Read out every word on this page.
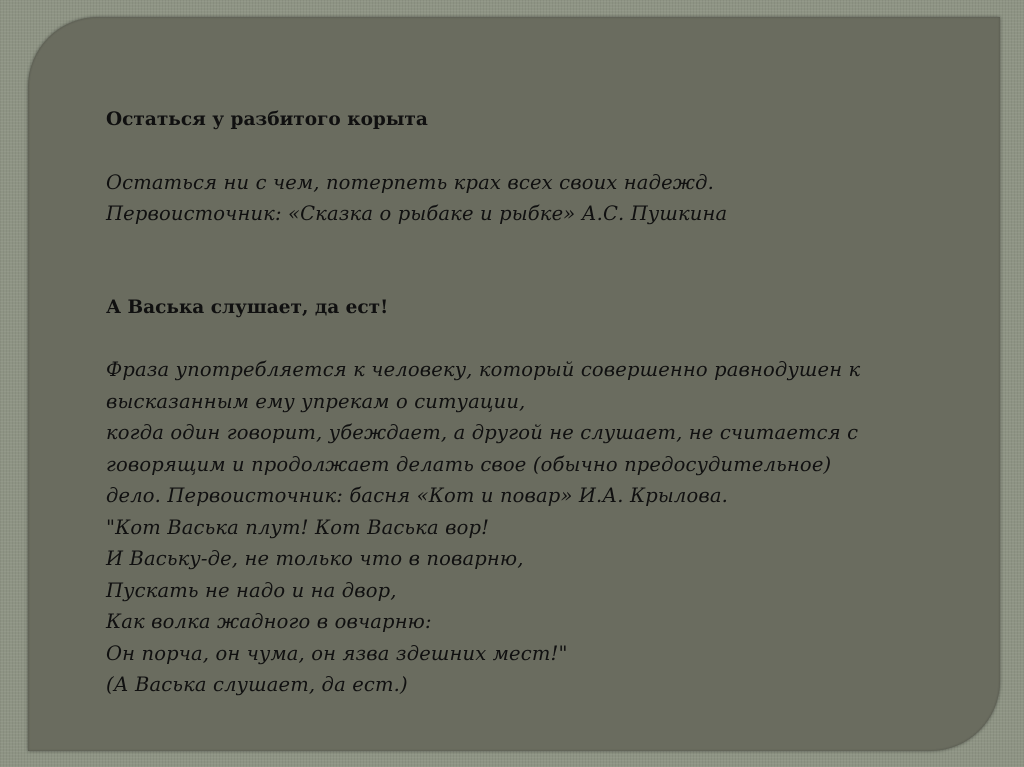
Остаться у разбитого корыта

Остаться ни с чем, потерпеть крах всех своих надежд.

Первоисточник: «Сказка о рыбаке и рыбке» А.С. Пушкина

А Васька слушает, да ест!

Фраза употребляется к человеку, который совершенно равнодушен к

высказанным ему упрекам о ситуации,

когда один говорит, убеждает, а другой не слушает, не считается с

говорящим и продолжает делать свое (обычно предосудительное)

дело. Первоисточник: басня «Кот и повар» И.А. Крылова.

"Кот Васька плут! Кот Васька вор!

И Ваську-де, не только что в поварню,

Пускать не надо и на двор,

Как волка жадного в овчарню:

Он порча, он чума, он язва здешних мест!"

(А Васька слушает, да ест.)
